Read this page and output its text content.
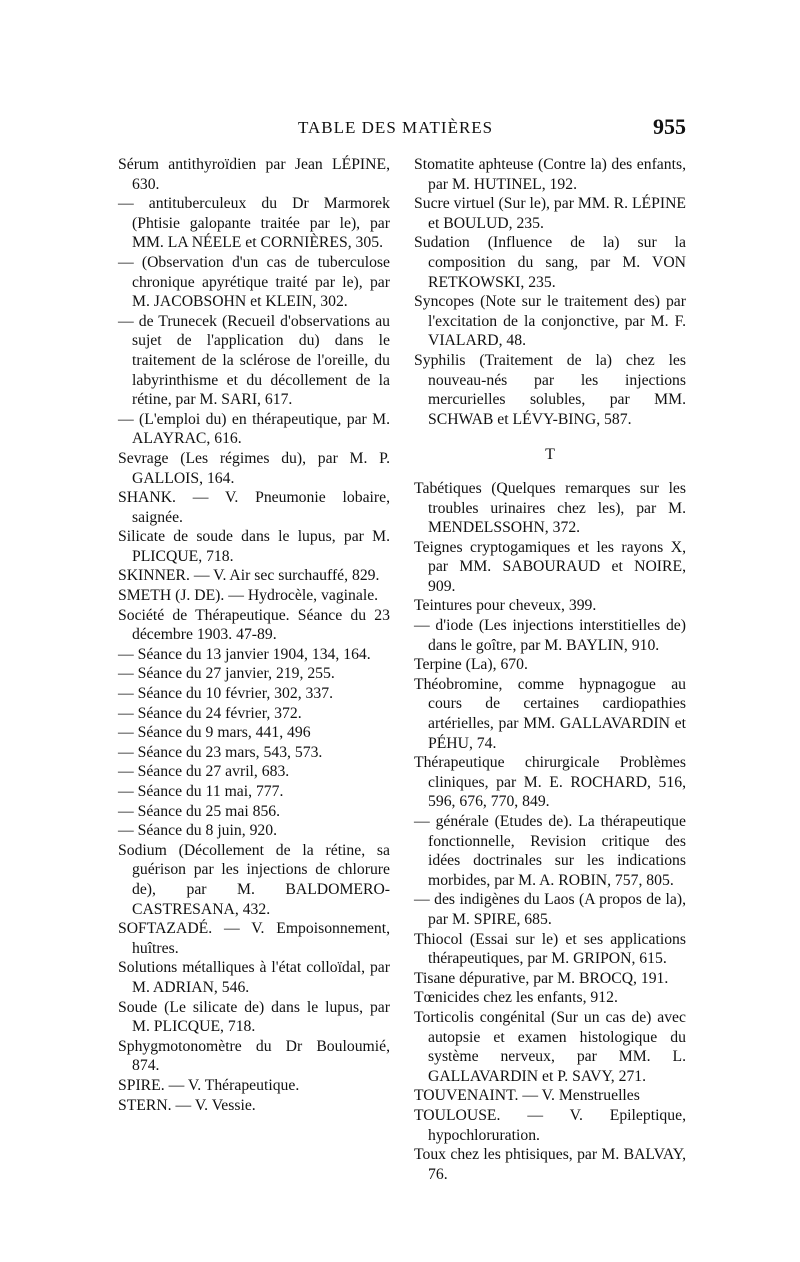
TABLE DES MATIÈRES	955

Sérum antithyroïdien par Jean LÉPINE, 630.

— antituberculeux du Dr Marmorek (Phtisie galopante traitée par le), par MM. LA NÉELE et CORNIÈRES, 305.

— (Observation d'un cas de tuberculose chronique apyrétique traité par le), par M. JACOBSOHN et KLEIN, 302.

— de Trunecek (Recueil d'observations au sujet de l'application du) dans le traitement de la sclérose de l'oreille, du labyrinthisme et du décollement de la rétine, par M. SARI, 617.

— (L'emploi du) en thérapeutique, par M. ALAYRAC, 616.

Sevrage (Les régimes du), par M. P. GALLOIS, 164.

SHANK. — V. Pneumonie lobaire, saignée.

Silicate de soude dans le lupus, par M. PLICQUE, 718.

SKINNER. — V. Air sec surchauffé, 829.

SMETH (J. DE). — Hydrocèle, vaginale.

Société de Thérapeutique. Séance du 23 décembre 1903. 47-89.

— Séance du 13 janvier 1904, 134, 164.

— Séance du 27 janvier, 219, 255.

— Séance du 10 février, 302, 337.

— Séance du 24 février, 372.

— Séance du 9 mars, 441, 496

— Séance du 23 mars, 543, 573.

— Séance du 27 avril, 683.

— Séance du 11 mai, 777.

— Séance du 25 mai 856.

— Séance du 8 juin, 920.

Sodium (Décollement de la rétine, sa guérison par les injections de chlorure de), par M. BALDOMERO-CASTRESANA, 432.

SOFTAZADÉ. — V. Empoisonnement, huîtres.

Solutions métalliques à l'état colloïdal, par M. ADRIAN, 546.

Soude (Le silicate de) dans le lupus, par M. PLICQUE, 718.

Sphygmotonomètre du Dr Bouloumié, 874.

SPIRE. — V. Thérapeutique.

STERN. — V. Vessie.

Stomatite aphteuse (Contre la) des enfants, par M. HUTINEL, 192.

Sucre virtuel (Sur le), par MM. R. LÉPINE et BOULUD, 235.

Sudation (Influence de la) sur la composition du sang, par M. VON RETKOWSKI, 235.

Syncopes (Note sur le traitement des) par l'excitation de la conjonctive, par M. F. VIALARD, 48.

Syphilis (Traitement de la) chez les nouveau-nés par les injections mercurielles solubles, par MM. SCHWAB et LÉVY-BING, 587.

T

Tabétiques (Quelques remarques sur les troubles urinaires chez les), par M. MENDELSSOHN, 372.

Teignes cryptogamiques et les rayons X, par MM. SABOURAUD et NOIRE, 909.

Teintures pour cheveux, 399.

— d'iode (Les injections interstitielles de) dans le goître, par M. BAYLIN, 910.

Terpine (La), 670.

Théobromine, comme hypnagogue au cours de certaines cardiopathies artérielles, par MM. GALLAVARDIN et PÉHU, 74.

Thérapeutique chirurgicale Problèmes cliniques, par M. E. ROCHARD, 516, 596, 676, 770, 849.

— générale (Etudes de). La thérapeutique fonctionnelle, Revision critique des idées doctrinales sur les indications morbides, par M. A. ROBIN, 757, 805.

— des indigènes du Laos (A propos de la), par M. SPIRE, 685.

Thiocol (Essai sur le) et ses applications thérapeutiques, par M. GRIPON, 615.

Tisane dépurative, par M. BROCQ, 191.

Tœnicides chez les enfants, 912.

Torticolis congénital (Sur un cas de) avec autopsie et examen histologique du système nerveux, par MM. L. GALLAVARDIN et P. SAVY, 271.

TOUVENAINT. — V. Menstruelles

TOULOUSE. — V. Epileptique, hypochloruration.

Toux chez les phtisiques, par M. BALVAY, 76.
